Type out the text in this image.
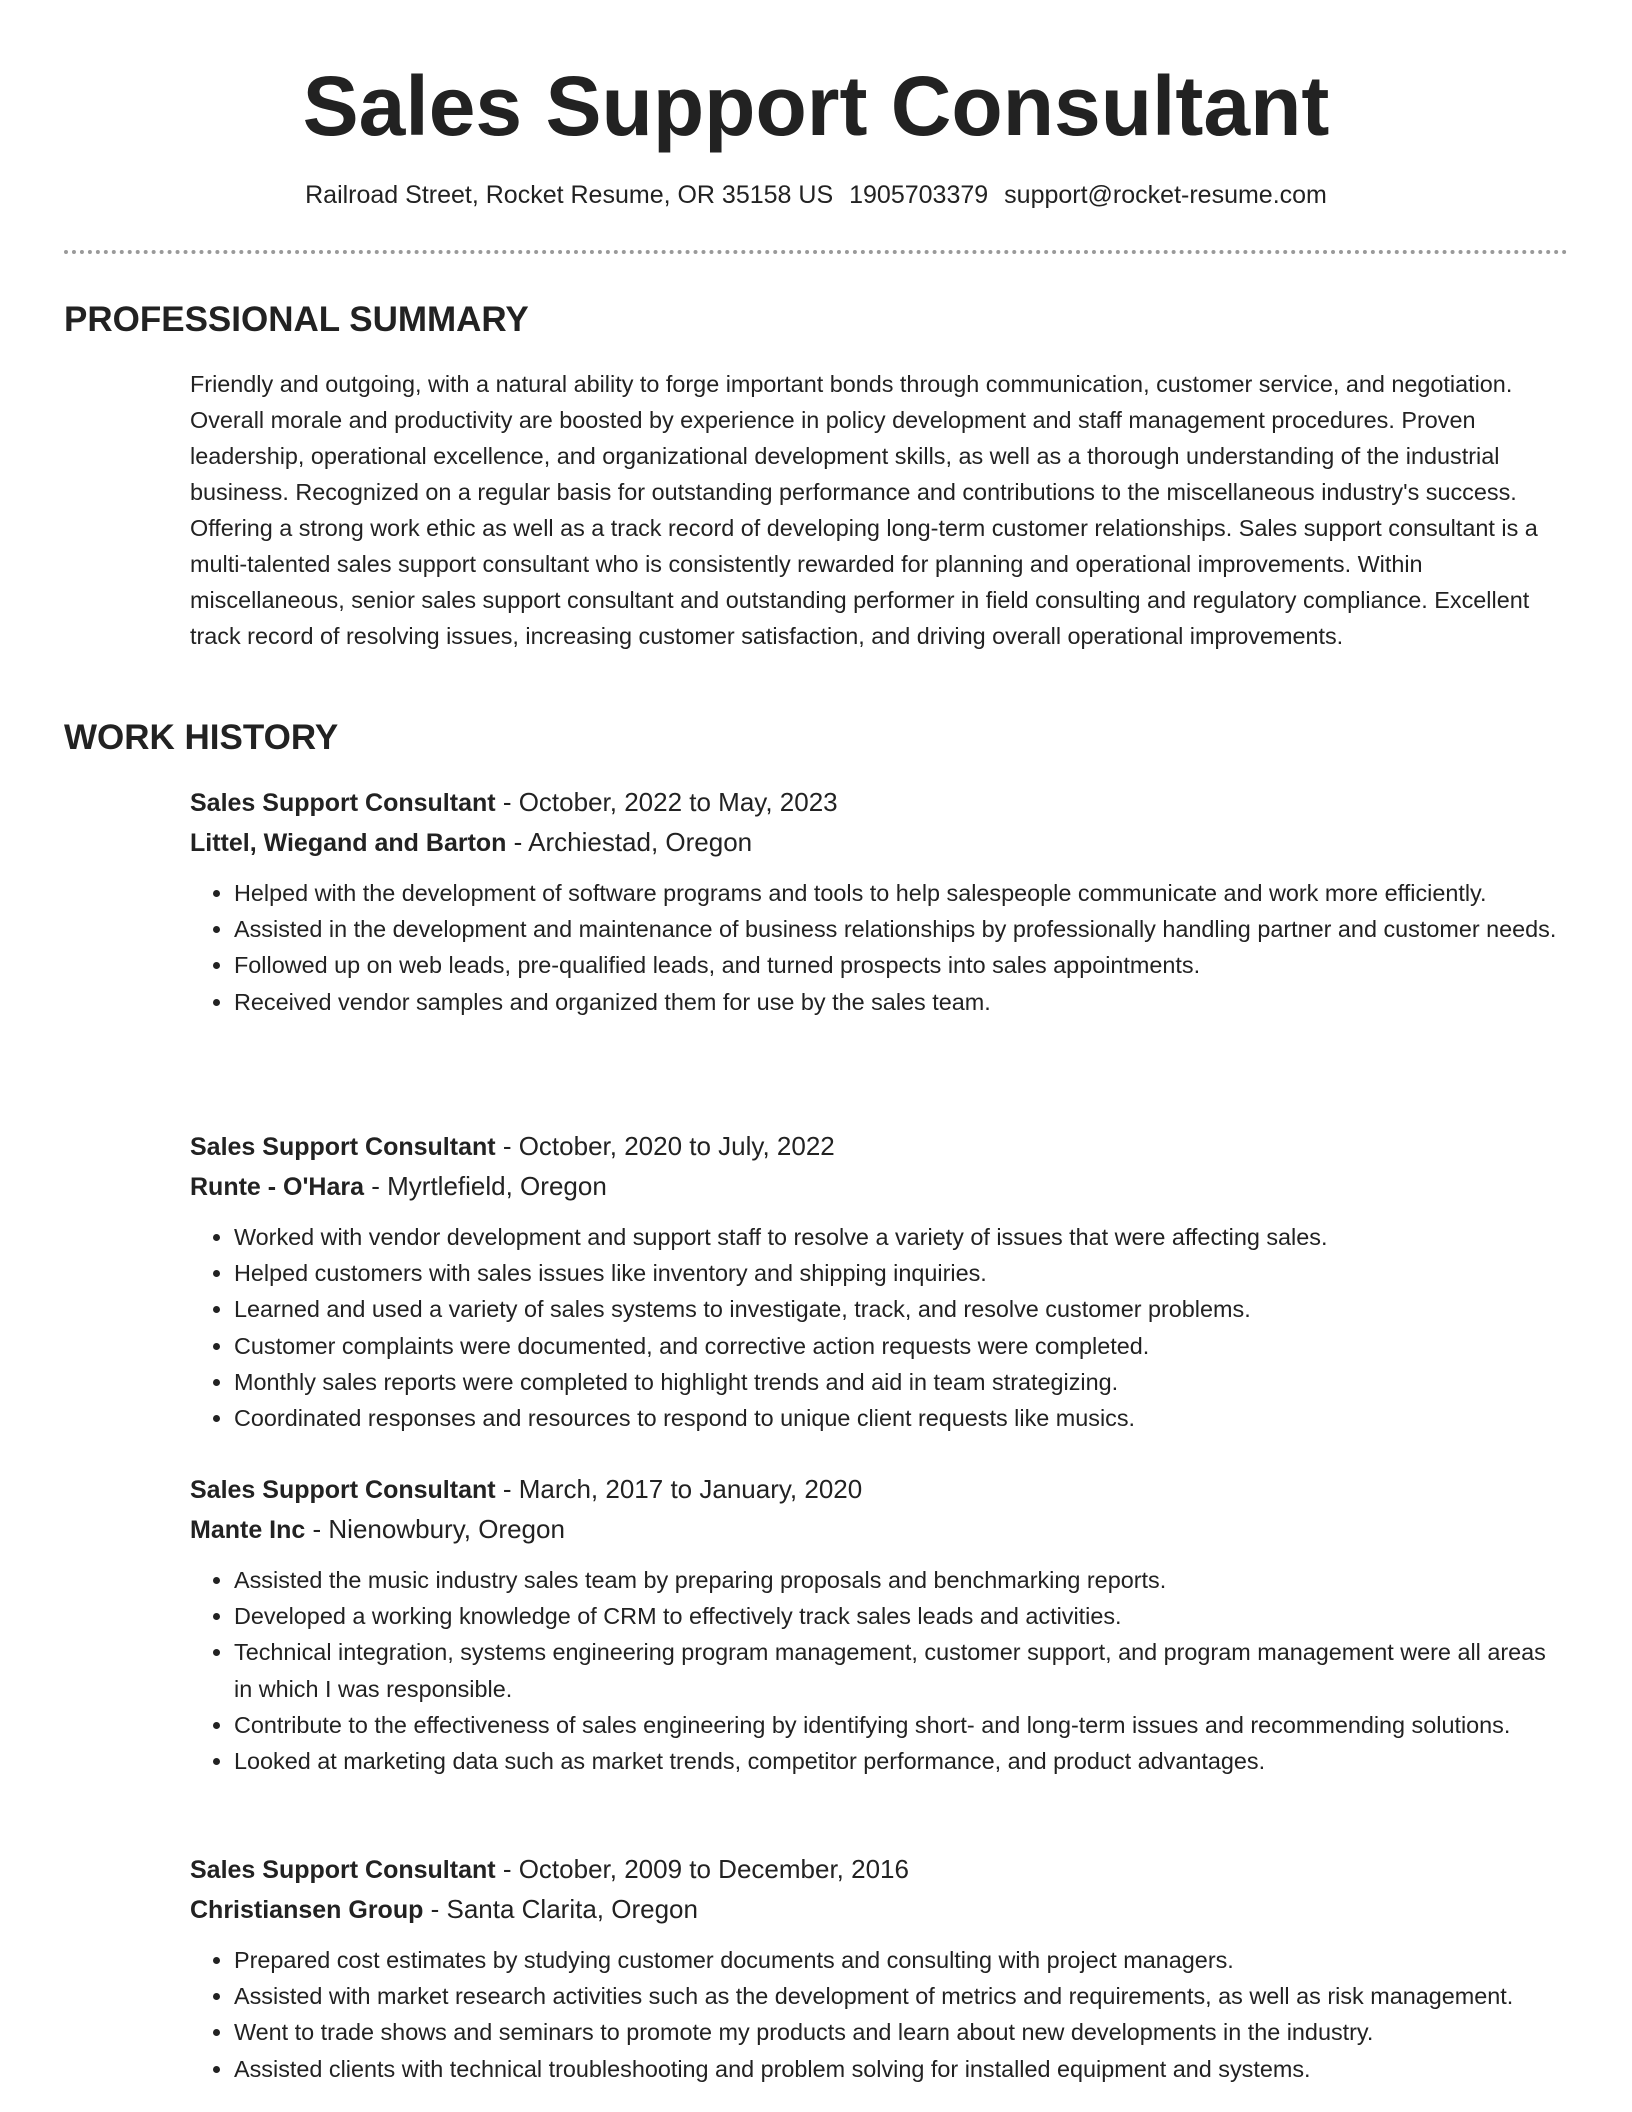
Sales Support Consultant
Railroad Street, Rocket Resume, OR 35158 US 1905703379 support@rocket-resume.com
PROFESSIONAL SUMMARY

Friendly and outgoing, with a natural ability to forge important bonds through communication, customer service, and negotiation. Overall morale and productivity are boosted by experience in policy development and staff management procedures. Proven leadership, operational excellence, and organizational development skills, as well as a thorough understanding of the industrial business. Recognized on a regular basis for outstanding performance and contributions to the miscellaneous industry's success. Offering a strong work ethic as well as a track record of developing long-term customer relationships. Sales support consultant is a multi-talented sales support consultant who is consistently rewarded for planning and operational improvements. Within miscellaneous, senior sales support consultant and outstanding performer in field consulting and regulatory compliance. Excellent track record of resolving issues, increasing customer satisfaction, and driving overall operational improvements.

WORK HISTORY
Sales Support Consultant - October, 2022 to May, 2023
Littel, Wiegand and Barton - Archiestad, Oregon
• Helped with the development of software programs and tools to help salespeople communicate and work more efficiently.
• Assisted in the development and maintenance of business relationships by professionally handling partner and customer needs.
• Followed up on web leads, pre-qualified leads, and turned prospects into sales appointments.
• Received vendor samples and organized them for use by the sales team.
Sales Support Consultant - October, 2020 to July, 2022
Runte - O'Hara - Myrtlefield, Oregon
• Worked with vendor development and support staff to resolve a variety of issues that were affecting sales.
• Helped customers with sales issues like inventory and shipping inquiries.
• Learned and used a variety of sales systems to investigate, track, and resolve customer problems.
• Customer complaints were documented, and corrective action requests were completed.
• Monthly sales reports were completed to highlight trends and aid in team strategizing.
• Coordinated responses and resources to respond to unique client requests like musics.
Sales Support Consultant - March, 2017 to January, 2020
Mante Inc - Nienowbury, Oregon
• Assisted the music industry sales team by preparing proposals and benchmarking reports.
• Developed a working knowledge of CRM to effectively track sales leads and activities.
• Technical integration, systems engineering program management, customer support, and program management were all areas in which I was responsible.
• Contribute to the effectiveness of sales engineering by identifying short- and long-term issues and recommending solutions.
• Looked at marketing data such as market trends, competitor performance, and product advantages.
Sales Support Consultant - October, 2009 to December, 2016
Christiansen Group - Santa Clarita, Oregon
• Prepared cost estimates by studying customer documents and consulting with project managers.
• Assisted with market research activities such as the development of metrics and requirements, as well as risk management.
• Went to trade shows and seminars to promote my products and learn about new developments in the industry.
• Assisted clients with technical troubleshooting and problem solving for installed equipment and systems.
